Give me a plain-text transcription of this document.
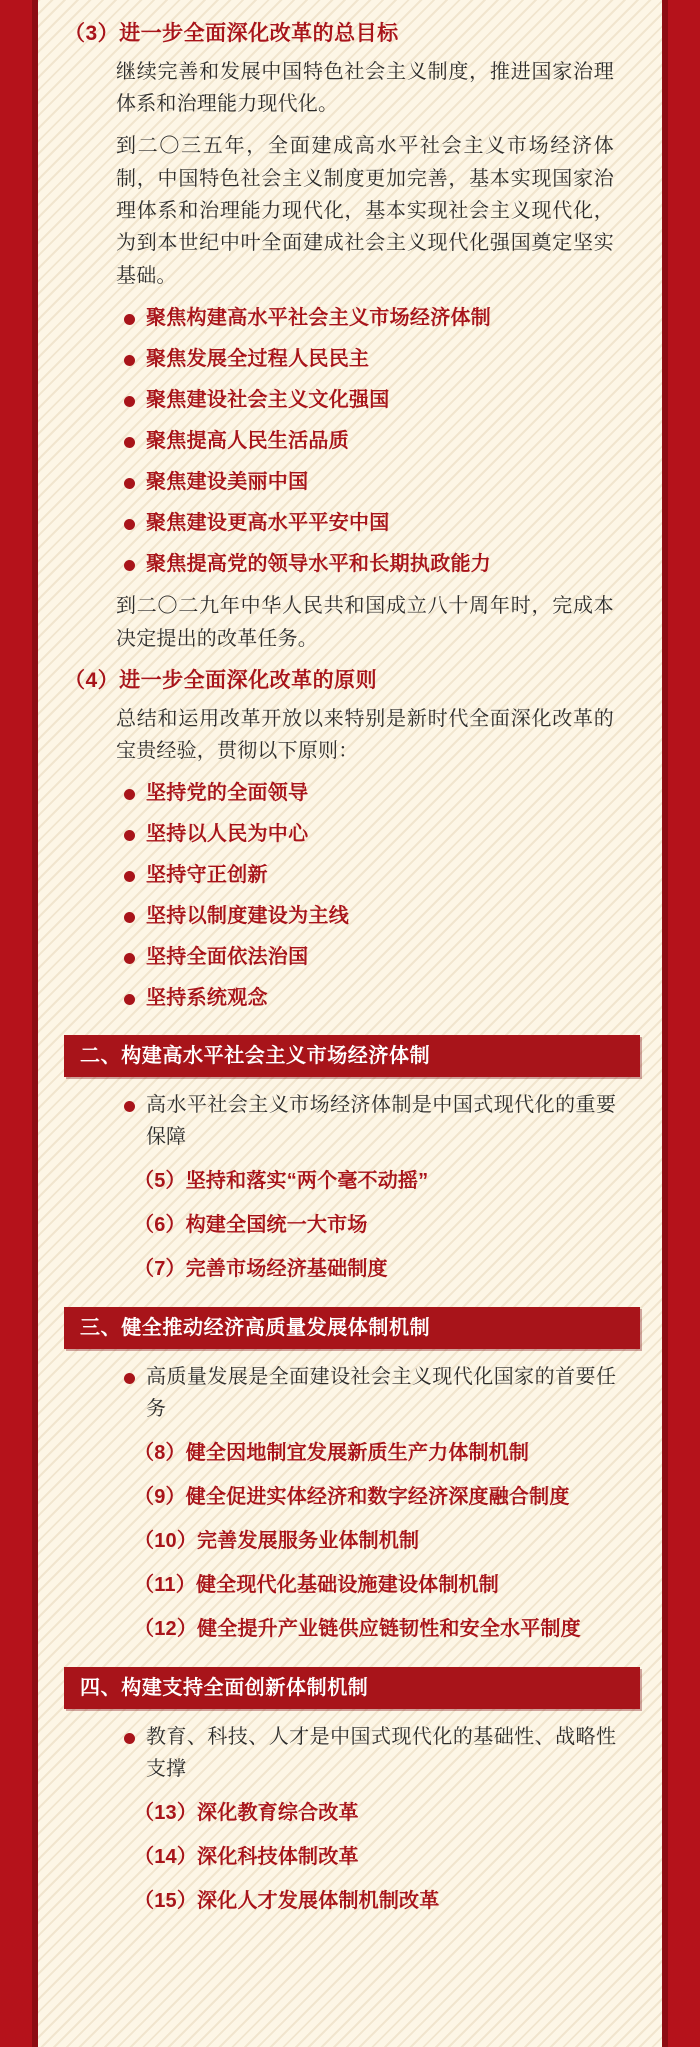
（3）进一步全面深化改革的总目标
继续完善和发展中国特色社会主义制度，推进国家治理体系和治理能力现代化。
到二〇三五年，全面建成高水平社会主义市场经济体制，中国特色社会主义制度更加完善，基本实现国家治理体系和治理能力现代化，基本实现社会主义现代化，为到本世纪中叶全面建成社会主义现代化强国奠定坚实基础。
聚焦构建高水平社会主义市场经济体制
聚焦发展全过程人民民主
聚焦建设社会主义文化强国
聚焦提高人民生活品质
聚焦建设美丽中国
聚焦建设更高水平平安中国
聚焦提高党的领导水平和长期执政能力
到二〇二九年中华人民共和国成立八十周年时，完成本决定提出的改革任务。
（4）进一步全面深化改革的原则
总结和运用改革开放以来特别是新时代全面深化改革的宝贵经验，贯彻以下原则：
坚持党的全面领导
坚持以人民为中心
坚持守正创新
坚持以制度建设为主线
坚持全面依法治国
坚持系统观念
二、构建高水平社会主义市场经济体制
高水平社会主义市场经济体制是中国式现代化的重要保障
（5）坚持和落实“两个毫不动摇”
（6）构建全国统一大市场
（7）完善市场经济基础制度
三、健全推动经济高质量发展体制机制
高质量发展是全面建设社会主义现代化国家的首要任务
（8）健全因地制宜发展新质生产力体制机制
（9）健全促进实体经济和数字经济深度融合制度
（10）完善发展服务业体制机制
（11）健全现代化基础设施建设体制机制
（12）健全提升产业链供应链韧性和安全水平制度
四、构建支持全面创新体制机制
教育、科技、人才是中国式现代化的基础性、战略性支撑
（13）深化教育综合改革
（14）深化科技体制改革
（15）深化人才发展体制机制改革
